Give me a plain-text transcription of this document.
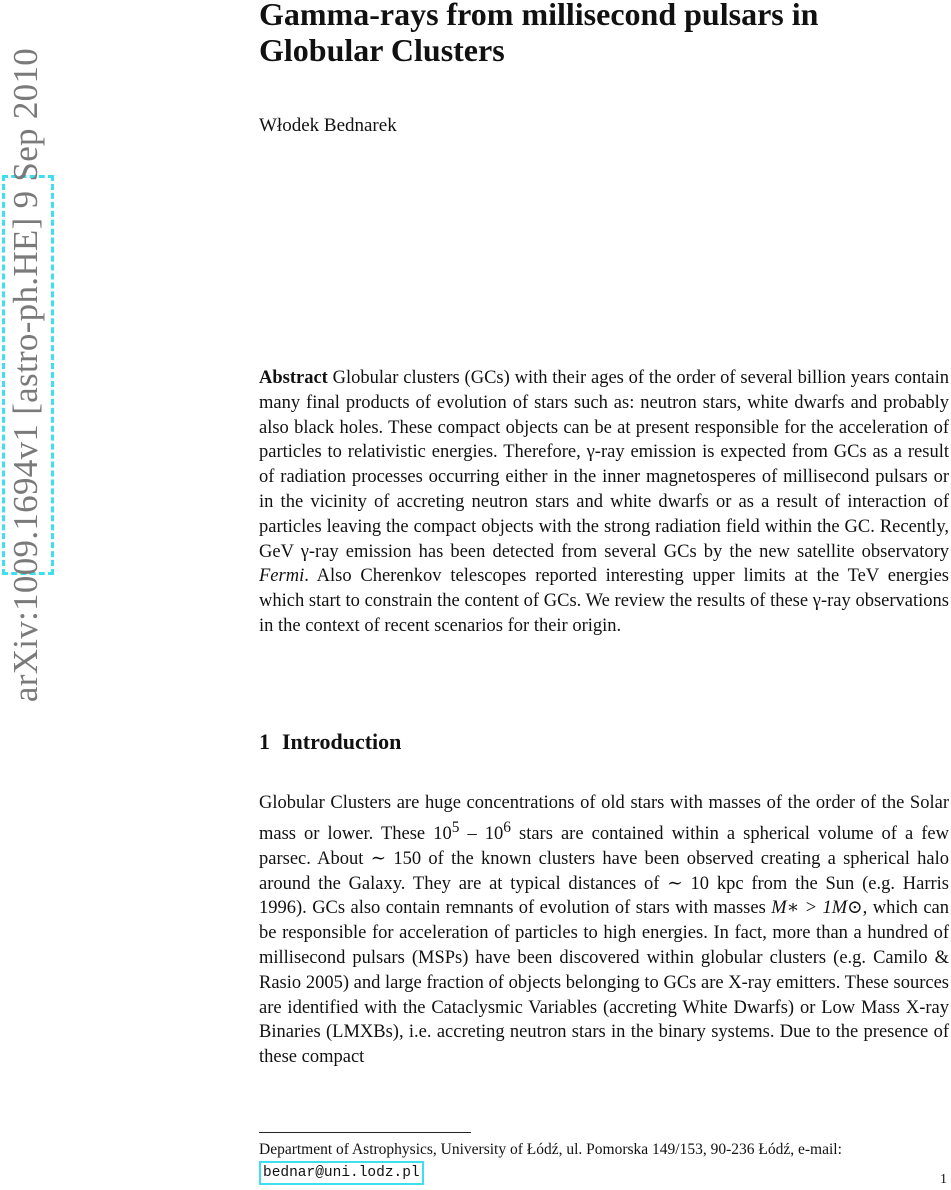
Gamma-rays from millisecond pulsars in Globular Clusters
Włodek Bednarek
arXiv:1009.1694v1 [astro-ph.HE] 9 Sep 2010	Abstract Globular clusters (GCs) with their ages of the order of several billion years contain many final products of evolution of stars such as: neutron stars, white dwarfs and probably also black holes. These compact objects can be at present responsible for the acceleration of particles to relativistic energies. Therefore, γ-ray emission is expected from GCs as a result of radiation processes occurring either in the inner magnetosperes of millisecond pulsars or in the vicinity of accreting neutron stars and white dwarfs or as a result of interaction of particles leaving the compact objects with the strong radiation field within the GC. Recently, GeV γ-ray emission has been detected from several GCs by the new satellite observatory Fermi. Also Cherenkov telescopes reported interesting upper limits at the TeV energies which start to constrain the content of GCs. We review the results of these γ-ray observations in the context of recent scenarios for their origin.

1 Introduction

Globular Clusters are huge concentrations of old stars with masses of the order of the Solar mass or lower. These $10^5 - 10^6$ stars are contained within a spherical volume of a few parsec. About ∼ 150 of the known clusters have been observed creating a spherical halo around the Galaxy. They are at typical distances of ∼ 10 kpc from the Sun (e.g. Harris 1996). GCs also contain remnants of evolution of stars with masses M∗ > 1M⊙, which can be responsible for acceleration of particles to high energies. In fact, more than a hundred of millisecond pulsars (MSPs) have been discovered within globular clusters (e.g. Camilo & Rasio 2005) and large fraction of objects belonging to GCs are X-ray emitters. These sources are identified with the Cataclysmic Variables (accreting White Dwarfs) or Low Mass X-ray Binaries (LMXBs), i.e. accreting neutron stars in the binary systems. Due to the presence of these compact

Department of Astrophysics, University of Łódź, ul. Pomorska 149/153, 90-236 Łódź, e-mail:
bednar@uni.lodz.pl	1
